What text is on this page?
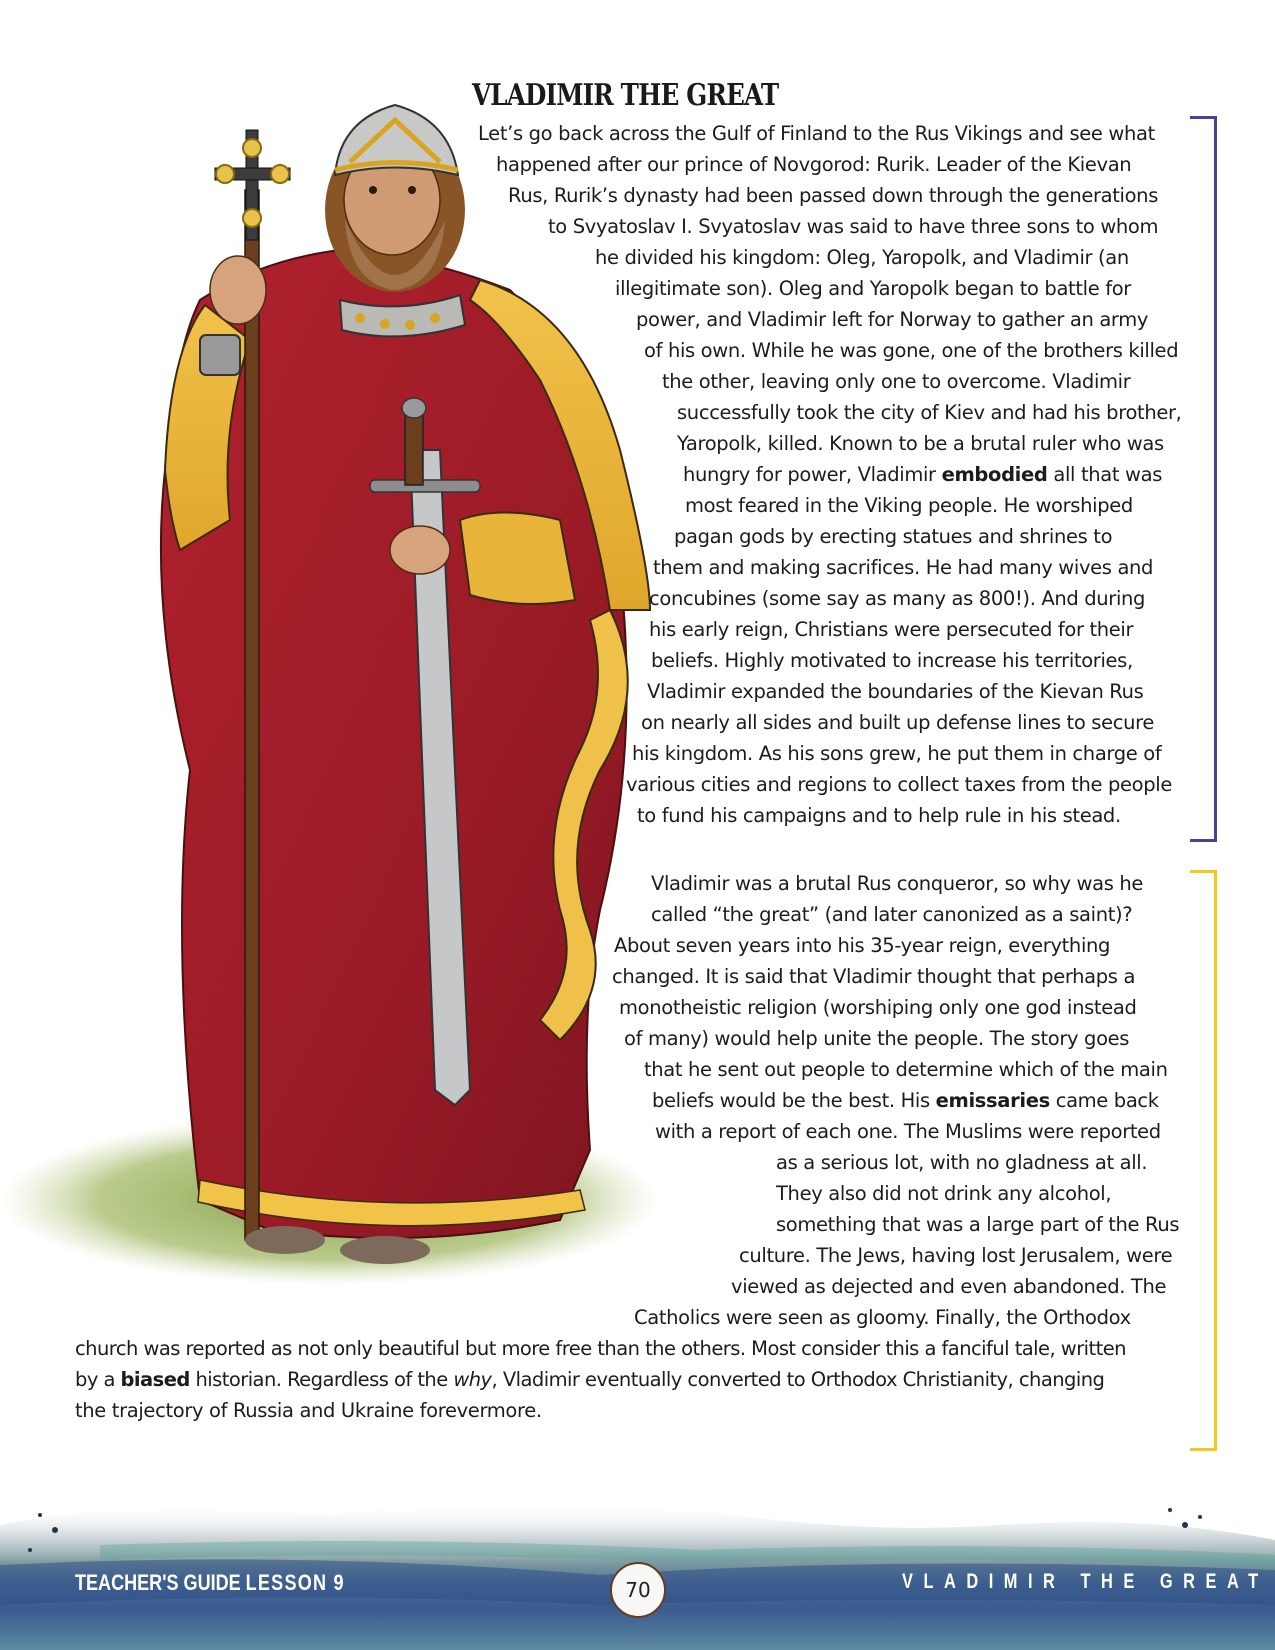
VLADIMIR THE GREAT
Let’s go back across the Gulf of Finland to the Rus Vikings and see what
happened after our prince of Novgorod: Rurik. Leader of the Kievan
Rus, Rurik’s dynasty had been passed down through the generations
to Svyatoslav I. Svyatoslav was said to have three sons to whom
he divided his kingdom: Oleg, Yaropolk, and Vladimir (an
illegitimate son). Oleg and Yaropolk began to battle for
power, and Vladimir left for Norway to gather an army
of his own. While he was gone, one of the brothers killed
the other, leaving only one to overcome. Vladimir
successfully took the city of Kiev and had his brother,
Yaropolk, killed. Known to be a brutal ruler who was
hungry for power, Vladimir embodied all that was
most feared in the Viking people. He worshiped
pagan gods by erecting statues and shrines to
them and making sacrifices. He had many wives and
concubines (some say as many as 800!). And during
his early reign, Christians were persecuted for their
beliefs. Highly motivated to increase his territories,
Vladimir expanded the boundaries of the Kievan Rus
on nearly all sides and built up defense lines to secure
his kingdom. As his sons grew, he put them in charge of
various cities and regions to collect taxes from the people
to fund his campaigns and to help rule in his stead.
Vladimir was a brutal Rus conqueror, so why was he
called “the great” (and later canonized as a saint)?
About seven years into his 35-year reign, everything
changed. It is said that Vladimir thought that perhaps a
monotheistic religion (worshiping only one god instead
of many) would help unite the people. The story goes
that he sent out people to determine which of the main
beliefs would be the best. His emissaries came back
with a report of each one. The Muslims were reported
as a serious lot, with no gladness at all.
They also did not drink any alcohol,
something that was a large part of the Rus
culture. The Jews, having lost Jerusalem, were
viewed as dejected and even abandoned. The
Catholics were seen as gloomy. Finally, the Orthodox
church was reported as not only beautiful but more free than the others. Most consider this a fanciful tale, written
by a biased historian. Regardless of the why, Vladimir eventually converted to Orthodox Christianity, changing
the trajectory of Russia and Ukraine forevermore.
TEACHER'S GUIDE LESSON 9	70	VLADIMIR THE GREAT
